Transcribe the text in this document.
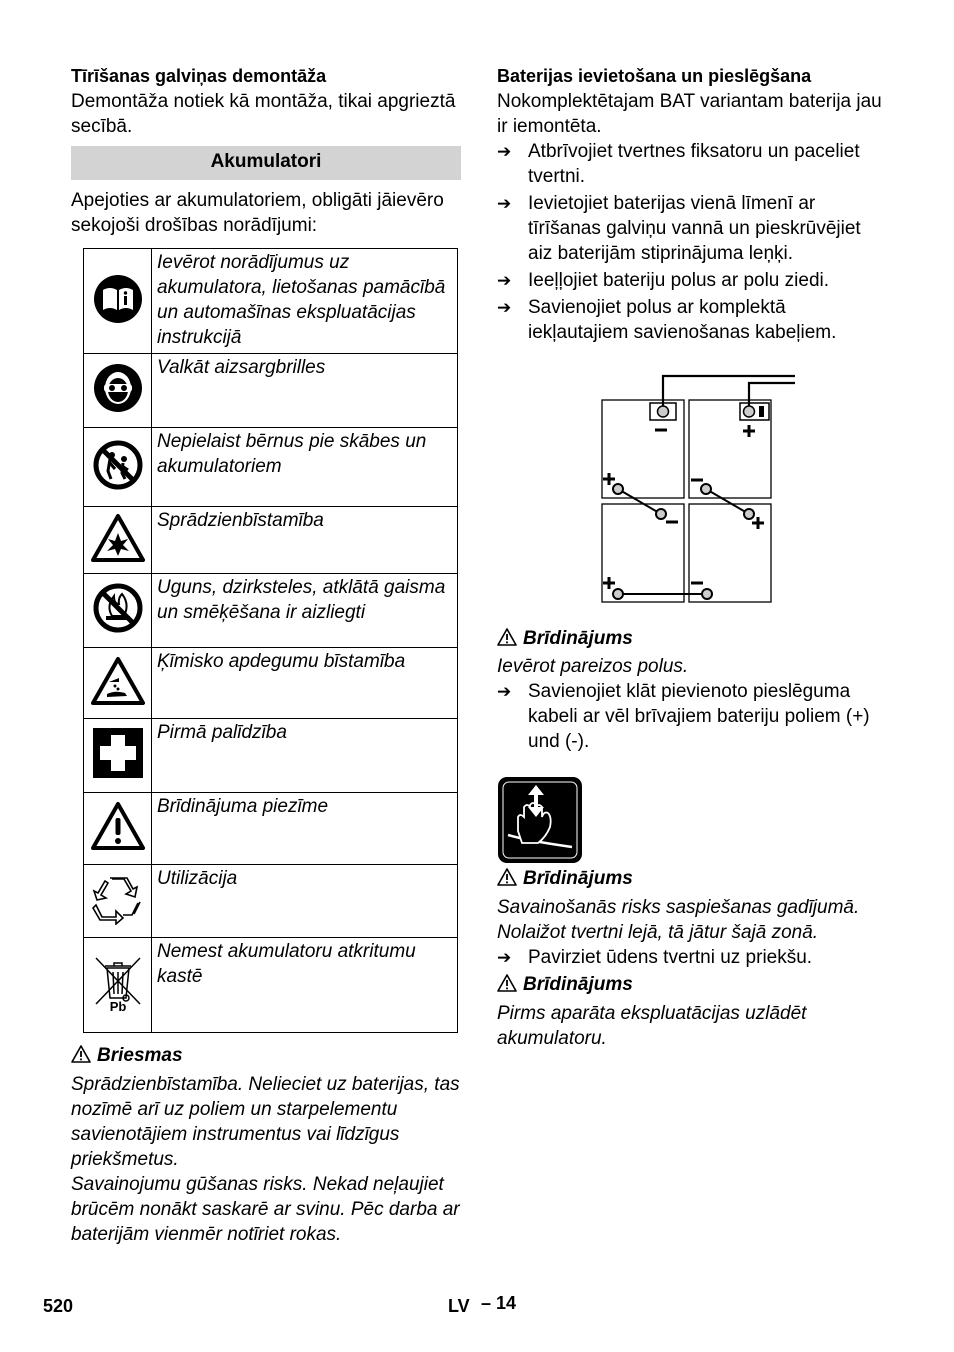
Tīrīšanas galviņas demontāža

Demontāža notiek kā montāža, tikai apgrieztā secībā.

Akumulatori

Apejoties ar akumulatoriem, obligāti jāievēro sekojoši drošības norādījumi:

	Ievērot norādījumus uz akumulatora, lietošanas pamācībā un automašīnas ekspluatācijas instrukcijā
	Valkāt aizsargbrilles
	Nepielaist bērnus pie skābes un akumulatoriem
	Sprādzienbīstamība
	Uguns, dzirksteles, atklātā gaisma un smēķēšana ir aizliegti
	Ķīmisko apdegumu bīstamība
	Pirmā palīdzība
	Brīdinājuma piezīme
	Utilizācija

Pb	Nemest akumulatoru atkritumu kastē

Briesmas

Sprādzienbīstamība. Nelieciet uz baterijas, tas nozīmē arī uz poliem un starpelementu savienotājiem instrumentus vai līdzīgus priekšmetus.

Savainojumu gūšanas risks. Nekad neļaujiet brūcēm nonākt saskarē ar svinu. Pēc darba ar baterijām vienmēr notīriet rokas.

Baterijas ievietošana un pieslēgšana

Nokomplektētajam BAT variantam baterija jau ir iemontēta.

➔ Atbrīvojiet tvertnes fiksatoru un paceliet tvertni.
➔ Ievietojiet baterijas vienā līmenī ar tīrīšanas galviņu vannā un pieskrūvējiet aiz baterijām stiprinājuma leņķi.
➔ Ieeļļojiet bateriju polus ar polu ziedi.
➔ Savienojiet polus ar komplektā iekļautajiem savienošanas kabeļiem.

Brīdinājums

Ievērot pareizos polus.

➔ Savienojiet klāt pievienoto pieslēguma kabeli ar vēl brīvajiem bateriju poliem (+) und (-).

Brīdinājums

Savainošanās risks saspiešanas gadījumā. Nolaižot tvertni lejā, tā jātur šajā zonā.

➔ Pavirziet ūdens tvertni uz priekšu.

Brīdinājums

Pirms aparāta ekspluatācijas uzlādēt akumulatoru.

520	LV – 14
